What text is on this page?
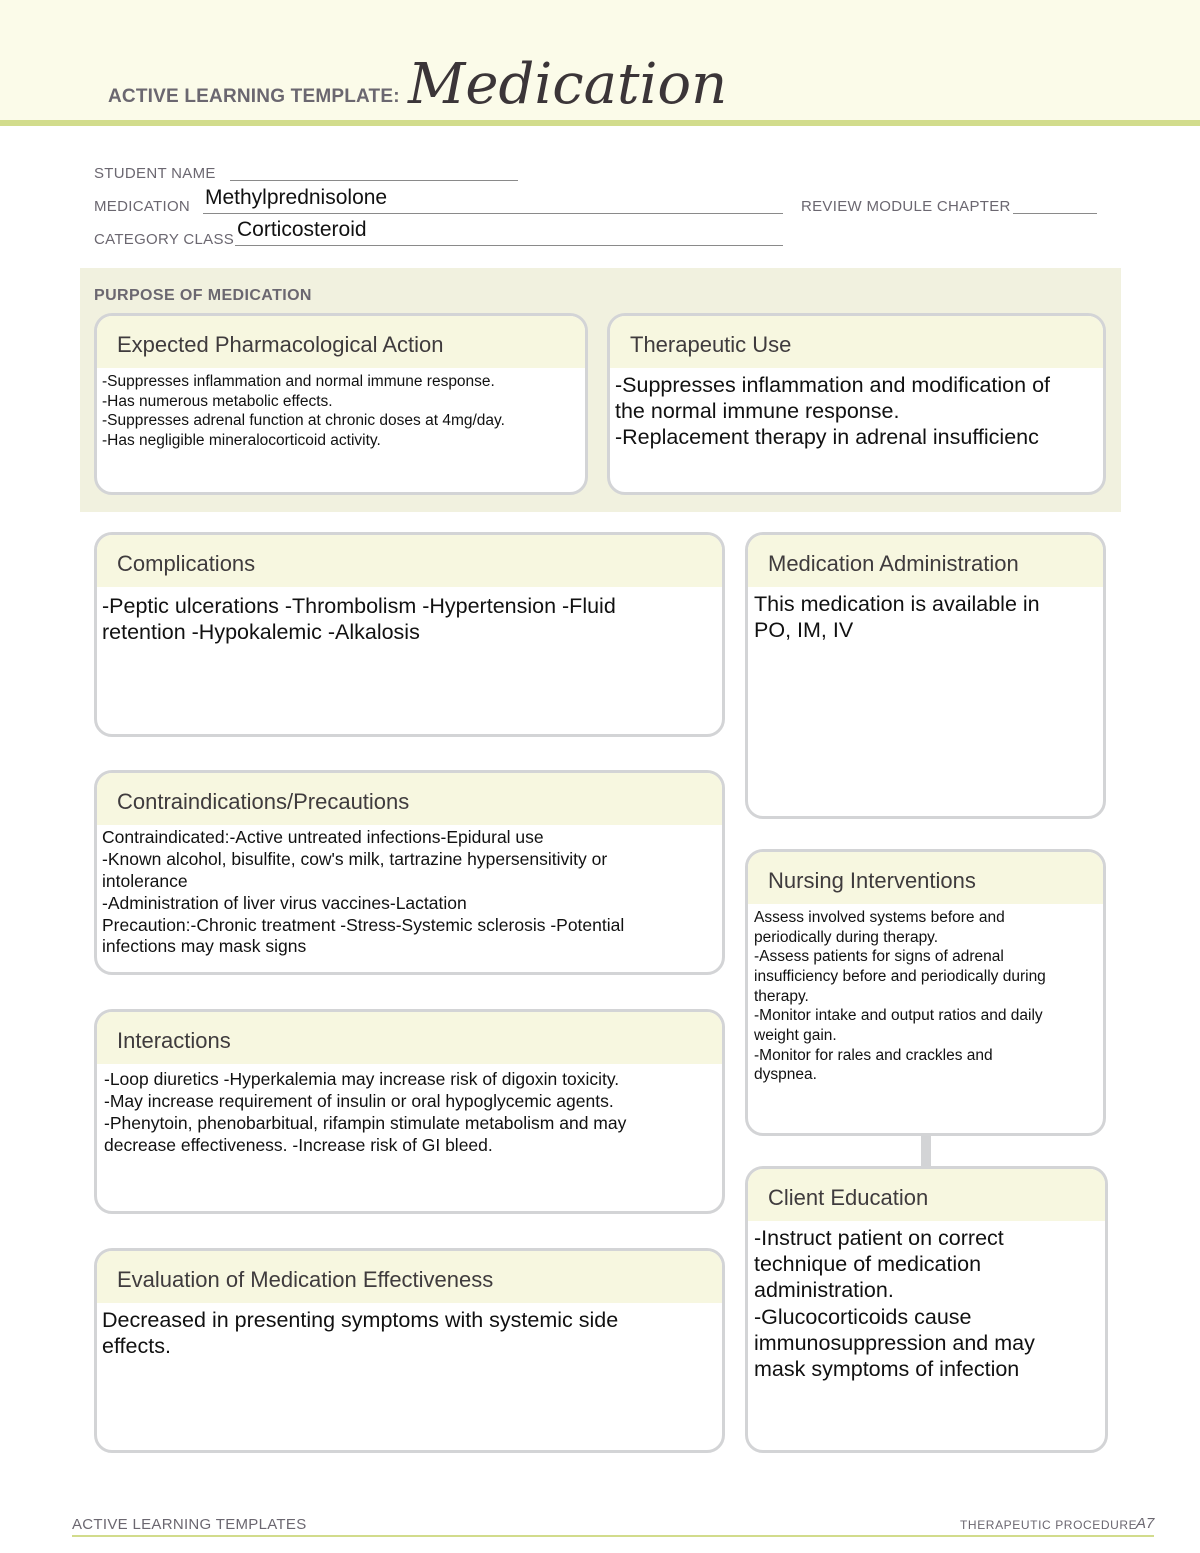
ACTIVE LEARNING TEMPLATE: Medication
STUDENT NAME
MEDICATION Methylprednisolone	REVIEW MODULE CHAPTER
CATEGORY CLASS Corticosteroid
PURPOSE OF MEDICATION
Expected Pharmacological Action
-Suppresses inflammation and normal immune response.
-Has numerous metabolic effects.
-Suppresses adrenal function at chronic doses at 4mg/day.
-Has negligible mineralocorticoid activity.
Therapeutic Use
-Suppresses inflammation and modification of
the normal immune response.
-Replacement therapy in adrenal insufficienc
Complications
-Peptic ulcerations -Thrombolism -Hypertension -Fluid
retention -Hypokalemic -Alkalosis
Medication Administration
This medication is available in
PO, IM, IV
Contraindications/Precautions
Contraindicated:-Active untreated infections-Epidural use
-Known alcohol, bisulfite, cow's milk, tartrazine hypersensitivity or
intolerance
-Administration of liver virus vaccines-Lactation
Precaution:-Chronic treatment -Stress-Systemic sclerosis -Potential
infections may mask signs
Nursing Interventions
Assess involved systems before and
periodically during therapy.
-Assess patients for signs of adrenal
insufficiency before and periodically during
therapy.
-Monitor intake and output ratios and daily
weight gain.
-Monitor for rales and crackles and
dyspnea.
Interactions
-Loop diuretics -Hyperkalemia may increase risk of digoxin toxicity.
-May increase requirement of insulin or oral hypoglycemic agents.
-Phenytoin, phenobarbitual, rifampin stimulate metabolism and may
decrease effectiveness. -Increase risk of GI bleed.
Client Education
-Instruct patient on correct
technique of medication
administration.
-Glucocorticoids cause
immunosuppression and may
mask symptoms of infection
Evaluation of Medication Effectiveness
Decreased in presenting symptoms with systemic side
effects.
ACTIVE LEARNING TEMPLATES	THERAPEUTIC PROCEDURE
A7
